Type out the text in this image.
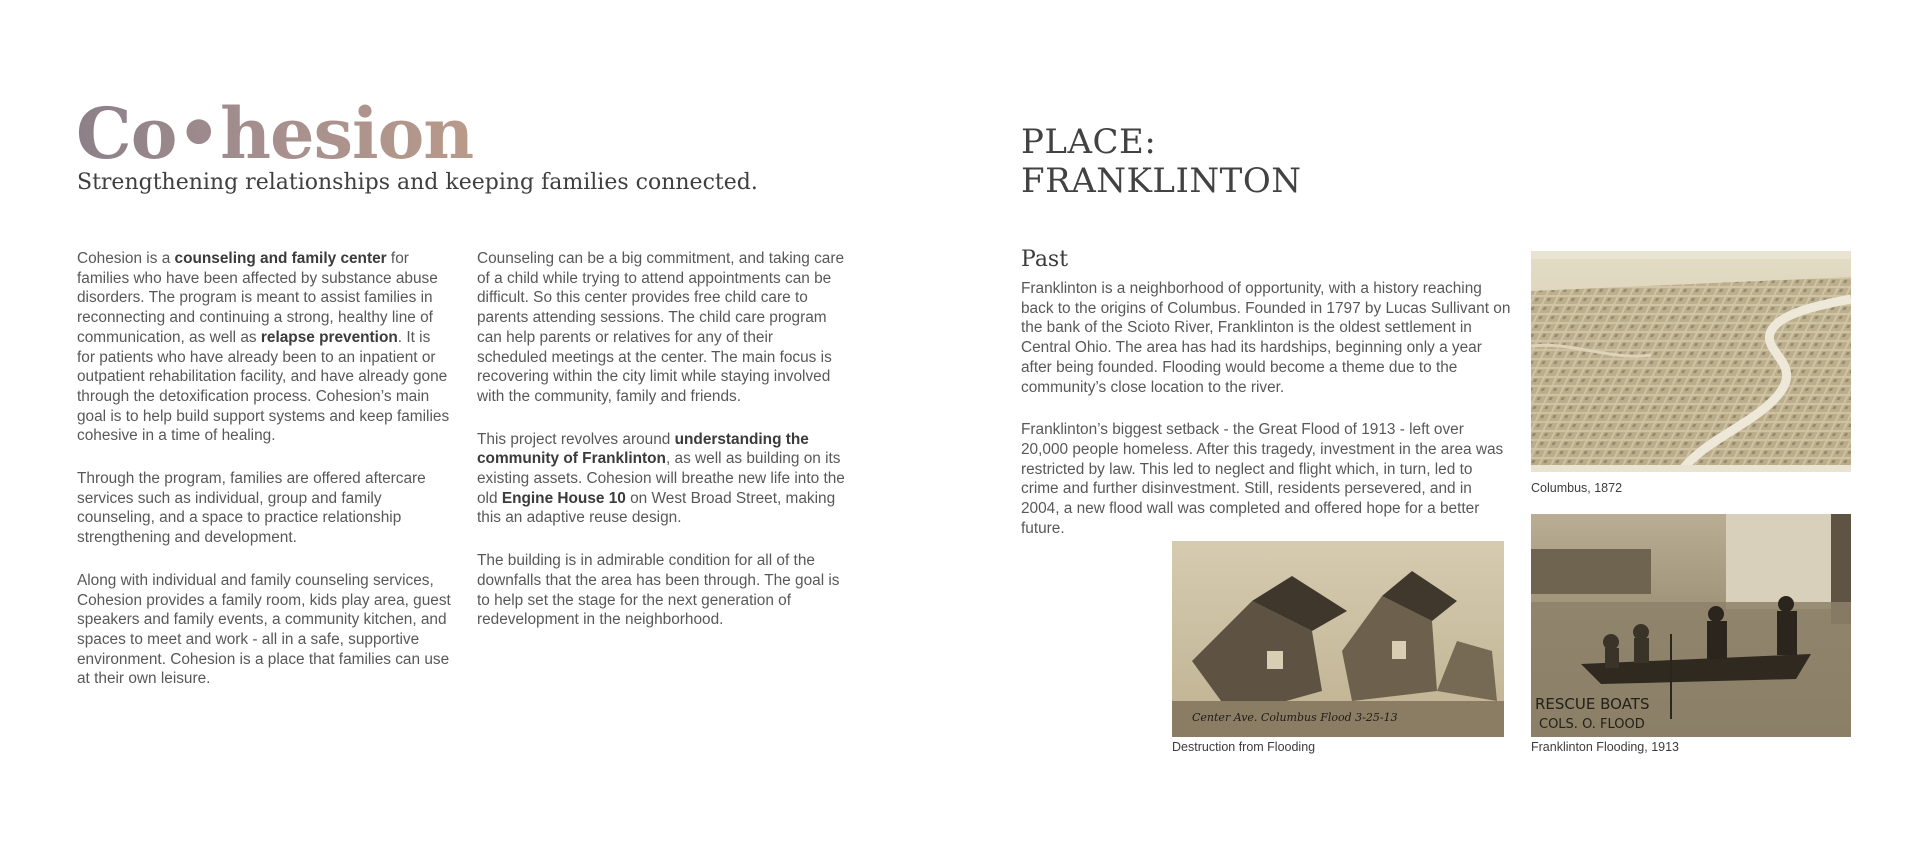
Co•hesion
Strengthening relationships and keeping families connected.

Cohesion is a counseling and family center for families who have been affected by substance abuse disorders. The program is meant to assist families in reconnecting and continuing a strong, healthy line of communication, as well as relapse prevention. It is for patients who have already been to an inpatient or outpatient rehabilitation facility, and have already gone through the detoxification process. Cohesion’s main goal is to help build support systems and keep families cohesive in a time of healing.

Through the program, families are offered aftercare services such as individual, group and family counseling, and a space to practice relationship strengthening and development.

Along with individual and family counseling services, Cohesion provides a family room, kids play area, guest speakers and family events, a community kitchen, and spaces to meet and work - all in a safe, supportive environment. Cohesion is a place that families can use at their own leisure.

Counseling can be a big commitment, and taking care of a child while trying to attend appointments can be difficult. So this center provides free child care to parents attending sessions. The child care program can help parents or relatives for any of their scheduled meetings at the center. The main focus is recovering within the city limit while staying involved with the community, family and friends.

This project revolves around understanding the community of Franklinton, as well as building on its existing assets. Cohesion will breathe new life into the old Engine House 10 on West Broad Street, making this an adaptive reuse design.

The building is in admirable condition for all of the downfalls that the area has been through. The goal is to help set the stage for the next generation of redevelopment in the neighborhood.

PLACE:
FRANKLINTON
Past

Franklinton is a neighborhood of opportunity, with a history reaching back to the origins of Columbus. Founded in 1797 by Lucas Sullivant on the bank of the Scioto River, Franklinton is the oldest settlement in Central Ohio. The area has had its hardships, beginning only a year after being founded. Flooding would become a theme due to the community’s close location to the river.

Franklinton’s biggest setback - the Great Flood of 1913 - left over 20,000 people homeless. After this tragedy, investment in the area was restricted by law. This led to neglect and flight which, in turn, led to crime and further disinvestment. Still, residents persevered, and in 2004, a new flood wall was completed and offered hope for a better future.

Columbus, 1872
Center Ave. Columbus Flood 3-25-13
Destruction from Flooding
RESCUE BOATS
COLS. O. FLOOD
Franklinton Flooding, 1913
